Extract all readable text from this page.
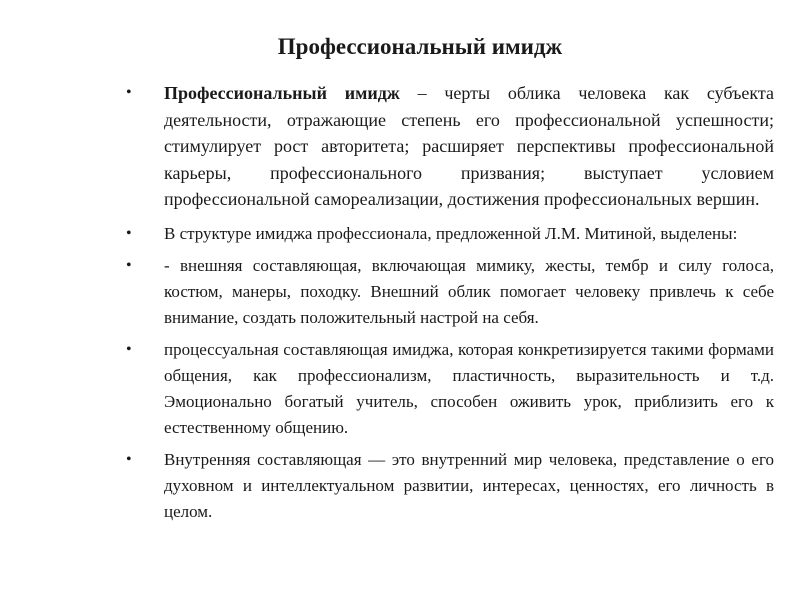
Профессиональный имидж
• Профессиональный имидж – черты облика человека как субъекта деятельности, отражающие степень его профессиональной успешности; стимулирует рост авторитета; расширяет перспективы профессиональной карьеры, профессионального призвания; выступает условием профессиональной самореализации, достижения профессиональных вершин.
• В структуре имиджа профессионала, предложенной Л.М. Митиной, выделены:
• - внешняя составляющая, включающая мимику, жесты, тембр и силу голоса, костюм, манеры, походку. Внешний облик помогает человеку привлечь к себе внимание, создать положительный настрой на себя.
• процессуальная составляющая имиджа, которая конкретизируется такими формами общения, как профессионализм, пластичность, выразительность и т.д. Эмоционально богатый учитель, способен оживить урок, приблизить его к естественному общению.
• Внутренняя составляющая — это внутренний мир человека, представление о его духовном и интеллектуальном развитии, интересах, ценностях, его личность в целом.
